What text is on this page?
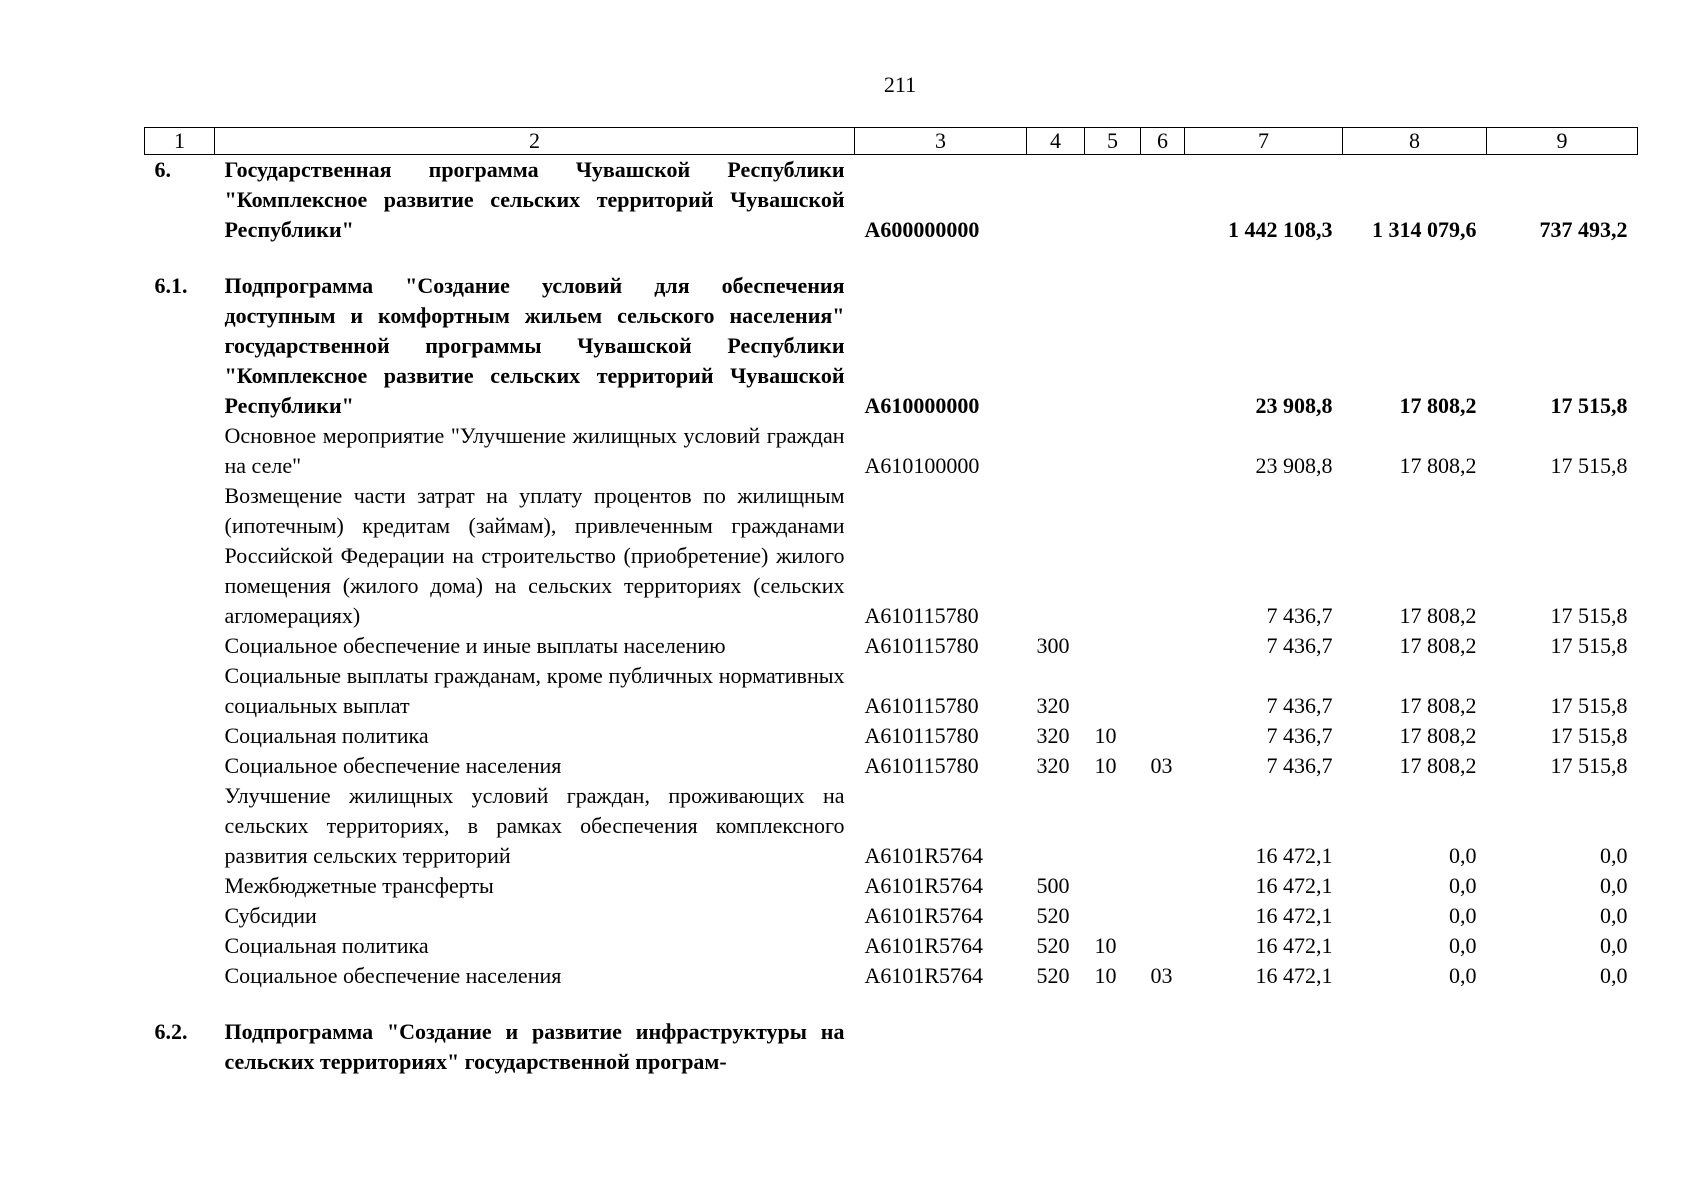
211
1	2	3	4	5	6	7	8	9
6.	Государственная программа Чувашской Республики "Комплексное развитие сельских территорий Чувашской Республики"	А600000000				1 442 108,3	1 314 079,6	737 493,2

6.1.	Подпрограмма "Создание условий для обеспечения доступным и комфортным жильем сельского населения" государственной программы Чувашской Республики "Комплексное развитие сельских территорий Чувашской Республики"	А610000000				23 908,8	17 808,2	17 515,8
	Основное мероприятие "Улучшение жилищных условий граждан на селе"	А610100000				23 908,8	17 808,2	17 515,8
	Возмещение части затрат на уплату процентов по жилищным (ипотечным) кредитам (займам), привлеченным гражданами Российской Федерации на строительство (приобретение) жилого помещения (жилого дома) на сельских территориях (сельских агломерациях)	А610115780				7 436,7	17 808,2	17 515,8
	Социальное обеспечение и иные выплаты населению	А610115780	300			7 436,7	17 808,2	17 515,8
	Социальные выплаты гражданам, кроме публичных нормативных социальных выплат	А610115780	320			7 436,7	17 808,2	17 515,8
	Социальная политика	А610115780	320	10		7 436,7	17 808,2	17 515,8
	Социальное обеспечение населения	А610115780	320	10	03	7 436,7	17 808,2	17 515,8
	Улучшение жилищных условий граждан, проживающих на сельских территориях, в рамках обеспечения комплексного развития сельских территорий	А6101R5764				16 472,1	0,0	0,0
	Межбюджетные трансферты	А6101R5764	500			16 472,1	0,0	0,0
	Субсидии	А6101R5764	520			16 472,1	0,0	0,0
	Социальная политика	А6101R5764	520	10		16 472,1	0,0	0,0
	Социальное обеспечение населения	А6101R5764	520	10	03	16 472,1	0,0	0,0

6.2.	Подпрограмма "Создание и развитие инфраструктуры на сельских территориях" государственной програм-							
